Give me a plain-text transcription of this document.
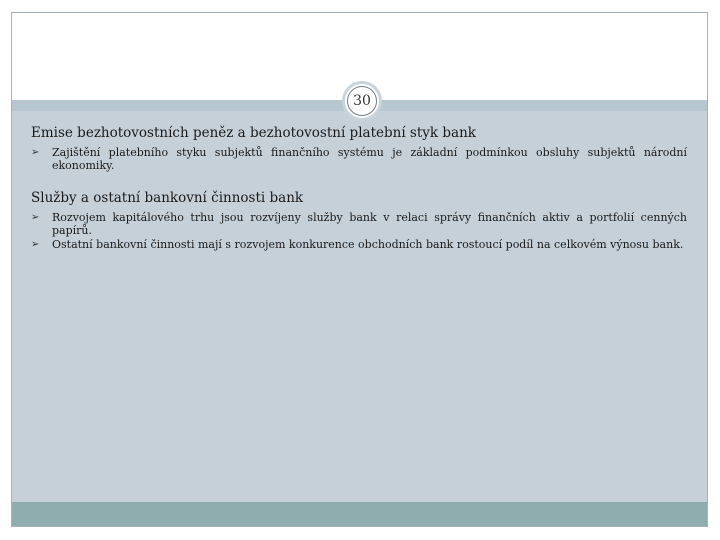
30
Emise bezhotovostních peněz a bezhotovostní platební styk bank
➢ Zajištění platebního styku subjektů finančního systému je základní podmínkou obsluhy subjektů národní ekonomiky.
Služby a ostatní bankovní činnosti bank
➢ Rozvojem kapitálového trhu jsou rozvíjeny služby bank v relaci správy finančních aktiv a portfolií cenných papírů.
➢ Ostatní bankovní činnosti mají s rozvojem konkurence obchodních bank rostoucí podíl na celkovém výnosu bank.
